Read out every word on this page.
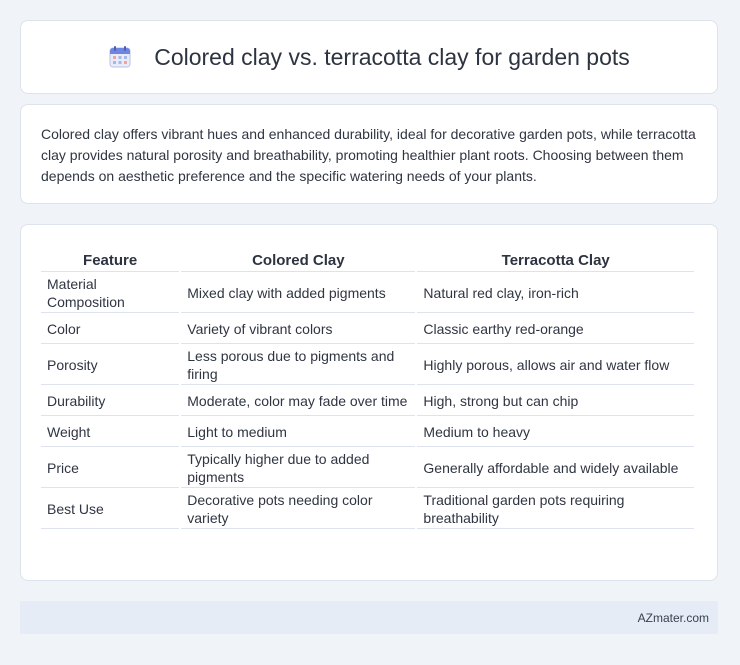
Colored clay vs. terracotta clay for garden pots

Colored clay offers vibrant hues and enhanced durability, ideal for decorative garden pots, while terracotta clay provides natural porosity and breathability, promoting healthier plant roots. Choosing between them depends on aesthetic preference and the specific watering needs of your plants.

Feature	Colored Clay	Terracotta Clay
Material Composition	Mixed clay with added pigments	Natural red clay, iron-rich
Color	Variety of vibrant colors	Classic earthy red-orange
Porosity	Less porous due to pigments and firing	Highly porous, allows air and water flow
Durability	Moderate, color may fade over time	High, strong but can chip
Weight	Light to medium	Medium to heavy
Price	Typically higher due to added pigments	Generally affordable and widely available
Best Use	Decorative pots needing color variety	Traditional garden pots requiring breathability
AZmater.com
